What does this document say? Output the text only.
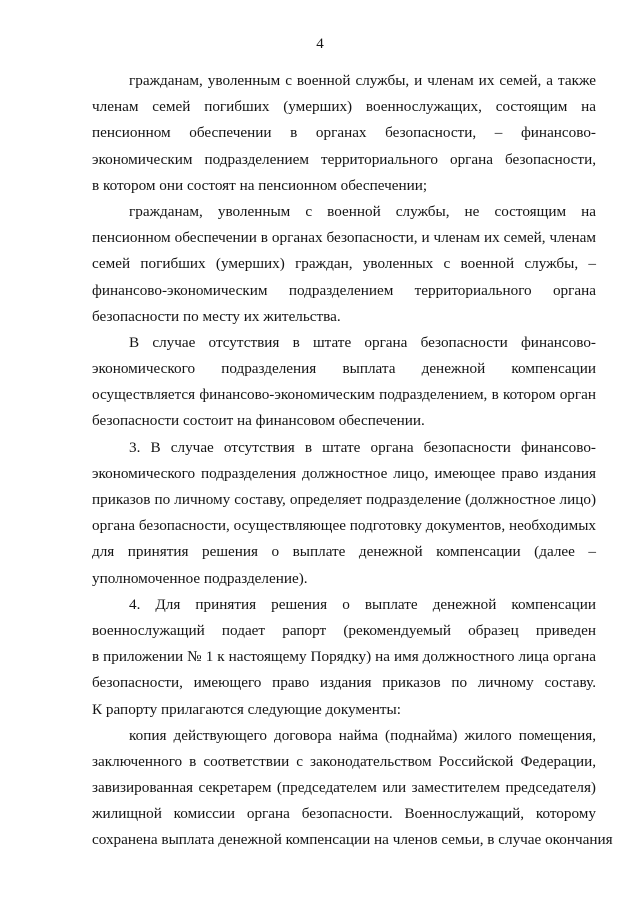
4
гражданам, уволенным с военной службы, и членам их семей, а также
членам семей погибших (умерших) военнослужащих, состоящим на
пенсионном обеспечении в органах безопасности, – финансово-
экономическим подразделением территориального органа безопасности,
в котором они состоят на пенсионном обеспечении;
гражданам, уволенным с военной службы, не состоящим на
пенсионном обеспечении в органах безопасности, и членам их семей, членам
семей погибших (умерших) граждан, уволенных с военной службы, –
финансово-экономическим подразделением территориального органа
безопасности по месту их жительства.
В случае отсутствия в штате органа безопасности финансово-
экономического подразделения выплата денежной компенсации
осуществляется финансово-экономическим подразделением, в котором орган
безопасности состоит на финансовом обеспечении.
3. В случае отсутствия в штате органа безопасности финансово-
экономического подразделения должностное лицо, имеющее право издания
приказов по личному составу, определяет подразделение (должностное лицо)
органа безопасности, осуществляющее подготовку документов, необходимых
для принятия решения о выплате денежной компенсации (далее –
уполномоченное подразделение).
4. Для принятия решения о выплате денежной компенсации
военнослужащий подает рапорт (рекомендуемый образец приведен
в приложении № 1 к настоящему Порядку) на имя должностного лица органа
безопасности, имеющего право издания приказов по личному составу.
К рапорту прилагаются следующие документы:
копия действующего договора найма (поднайма) жилого помещения,
заключенного в соответствии с законодательством Российской Федерации,
завизированная секретарем (председателем или заместителем председателя)
жилищной комиссии органа безопасности. Военнослужащий, которому
сохранена выплата денежной компенсации на членов семьи, в случае окончания
